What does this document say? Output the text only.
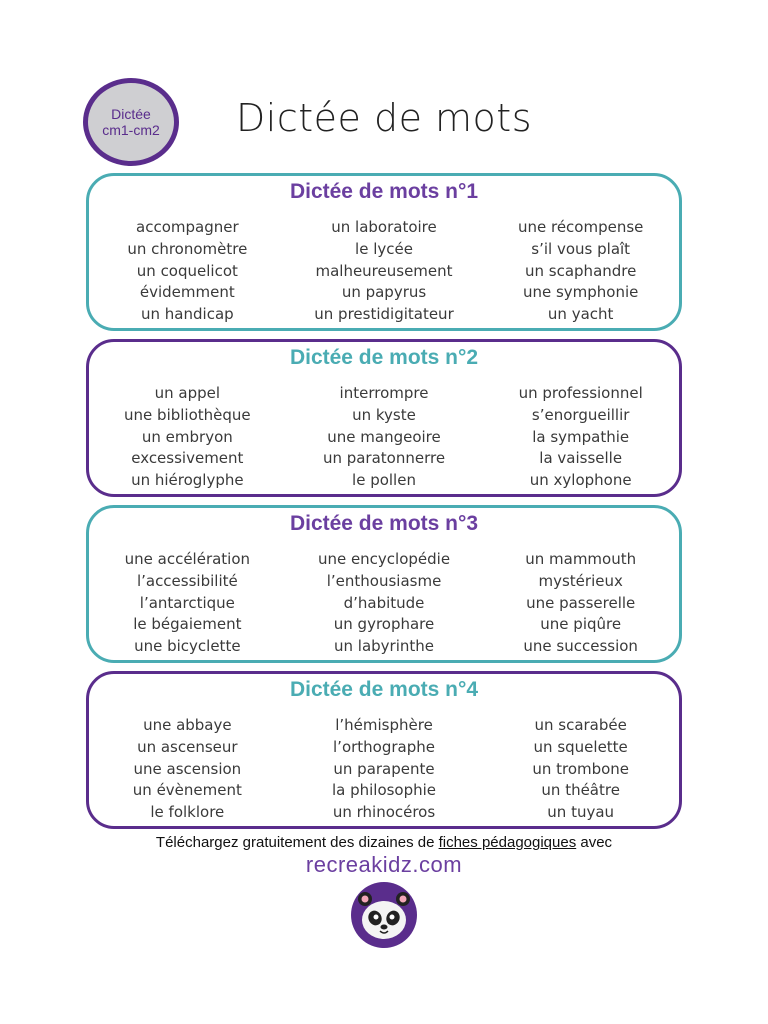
Dictée
cm1-cm2	Dictée de mots
Dictée de mots n°1
accompagner
un chronomètre
un coquelicot
évidemment
un handicap
un laboratoire
le lycée
malheureusement
un papyrus
un prestidigitateur
une récompense
s’il vous plaît
un scaphandre
une symphonie
un yacht
Dictée de mots n°2
un appel
une bibliothèque
un embryon
excessivement
un hiéroglyphe
interrompre
un kyste
une mangeoire
un paratonnerre
le pollen
un professionnel
s’enorgueillir
la sympathie
la vaisselle
un xylophone
Dictée de mots n°3
une accélération
l’accessibilité
l’antarctique
le bégaiement
une bicyclette
une encyclopédie
l’enthousiasme
d’habitude
un gyrophare
un labyrinthe
un mammouth
mystérieux
une passerelle
une piqûre
une succession
Dictée de mots n°4
une abbaye
un ascenseur
une ascension
un évènement
le folklore
l’hémisphère
l’orthographe
un parapente
la philosophie
un rhinocéros
un scarabée
un squelette
un trombone
un théâtre
un tuyau
Téléchargez gratuitement des dizaines de fiches pédagogiques avec
recreakidz.com
